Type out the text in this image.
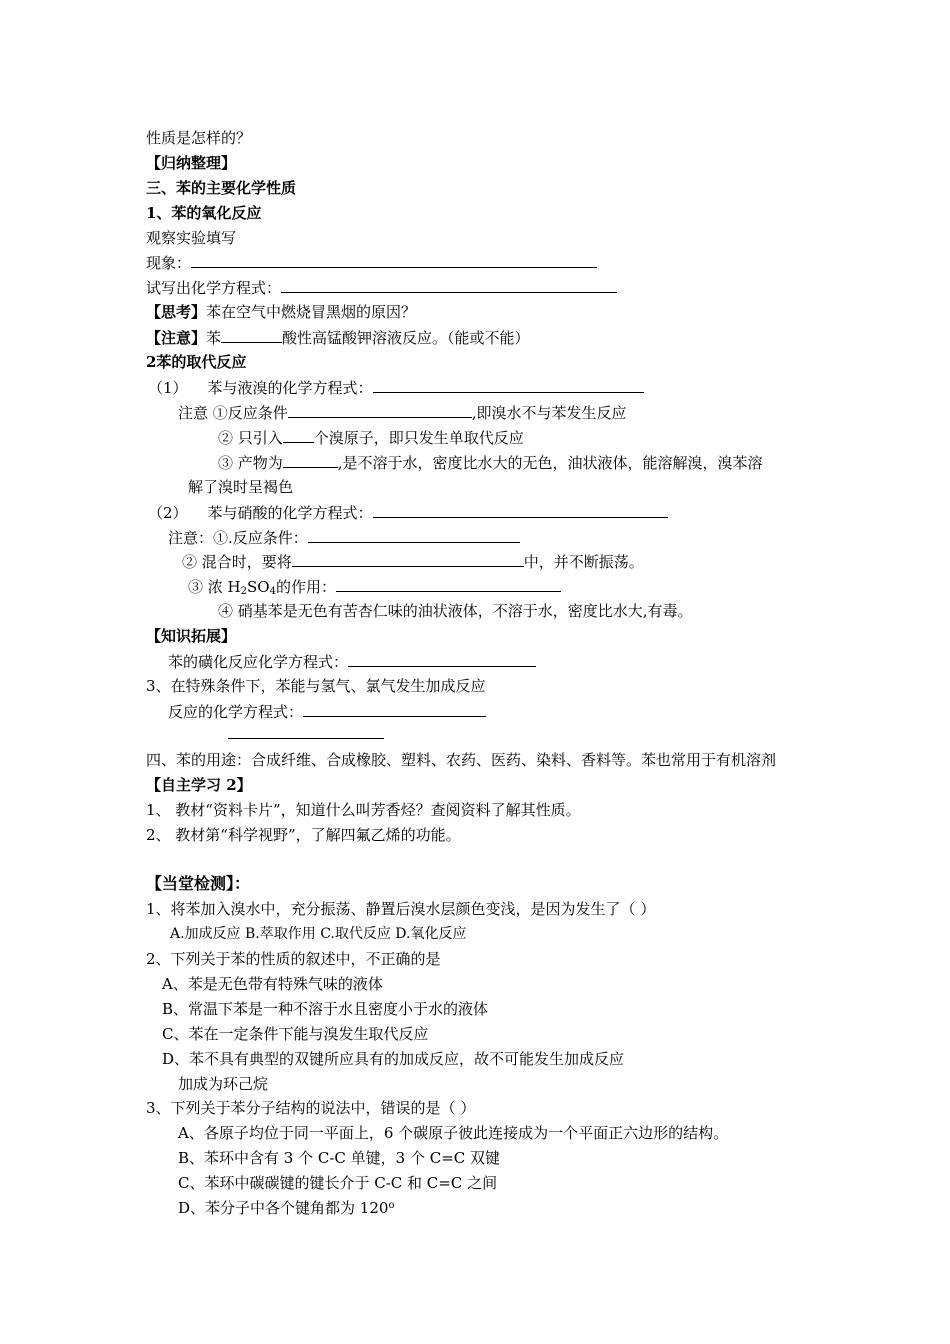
性质是怎样的？
【归纳整理】
三、苯的主要化学性质
1、苯的氧化反应
观察实验填写
现象：
试写出化学方程式：
【思考】苯在空气中燃烧冒黑烟的原因？
【注意】苯	酸性高锰酸钾溶液反应。（能或不能）
2苯的取代反应
（1） 苯与液溴的化学方程式：
注意 ①反应条件	,即溴水不与苯发生反应
② 只引入 个溴原子，即只发生单取代反应
③ 产物为	,是不溶于水，密度比水大的无色，油状液体，能溶解溴，溴苯溶
解了溴时呈褐色
（2） 苯与硝酸的化学方程式：
注意：①.反应条件：
② 混合时，要将	中，并不断振荡。
③ 浓 $H_2SO_4$的作用：
④ 硝基苯是无色有苦杏仁味的油状液体，不溶于水，密度比水大,有毒。
【知识拓展】
苯的磺化反应化学方程式：
3、在特殊条件下，苯能与氢气、氯气发生加成反应
反应的化学方程式：
四、苯的用途：合成纤维、合成橡胶、塑料、农药、医药、染料、香料等。苯也常用于有机溶剂
【自主学习 2】
1、 教材“资料卡片”，知道什么叫芳香烃？查阅资料了解其性质。
2、 教材第“科学视野”，了解四氟乙烯的功能。
【当堂检测】：
1、将苯加入溴水中，充分振荡、静置后溴水层颜色变浅，是因为发生了（ ）
A.加成反应 B.萃取作用 C.取代反应 D.氧化反应
2、下列关于苯的性质的叙述中，不正确的是
A、苯是无色带有特殊气味的液体
B、常温下苯是一种不溶于水且密度小于水的液体
C、苯在一定条件下能与溴发生取代反应
D、苯不具有典型的双键所应具有的加成反应，故不可能发生加成反应
加成为环己烷
3、下列关于苯分子结构的说法中，错误的是（ ）
A、各原子均位于同一平面上，6 个碳原子彼此连接成为一个平面正六边形的结构。
B、苯环中含有 3 个 C-C 单键，3 个 C=C 双键
C、苯环中碳碳键的键长介于 C-C 和 C=C 之间
D、苯分子中各个键角都为 120$^o$
